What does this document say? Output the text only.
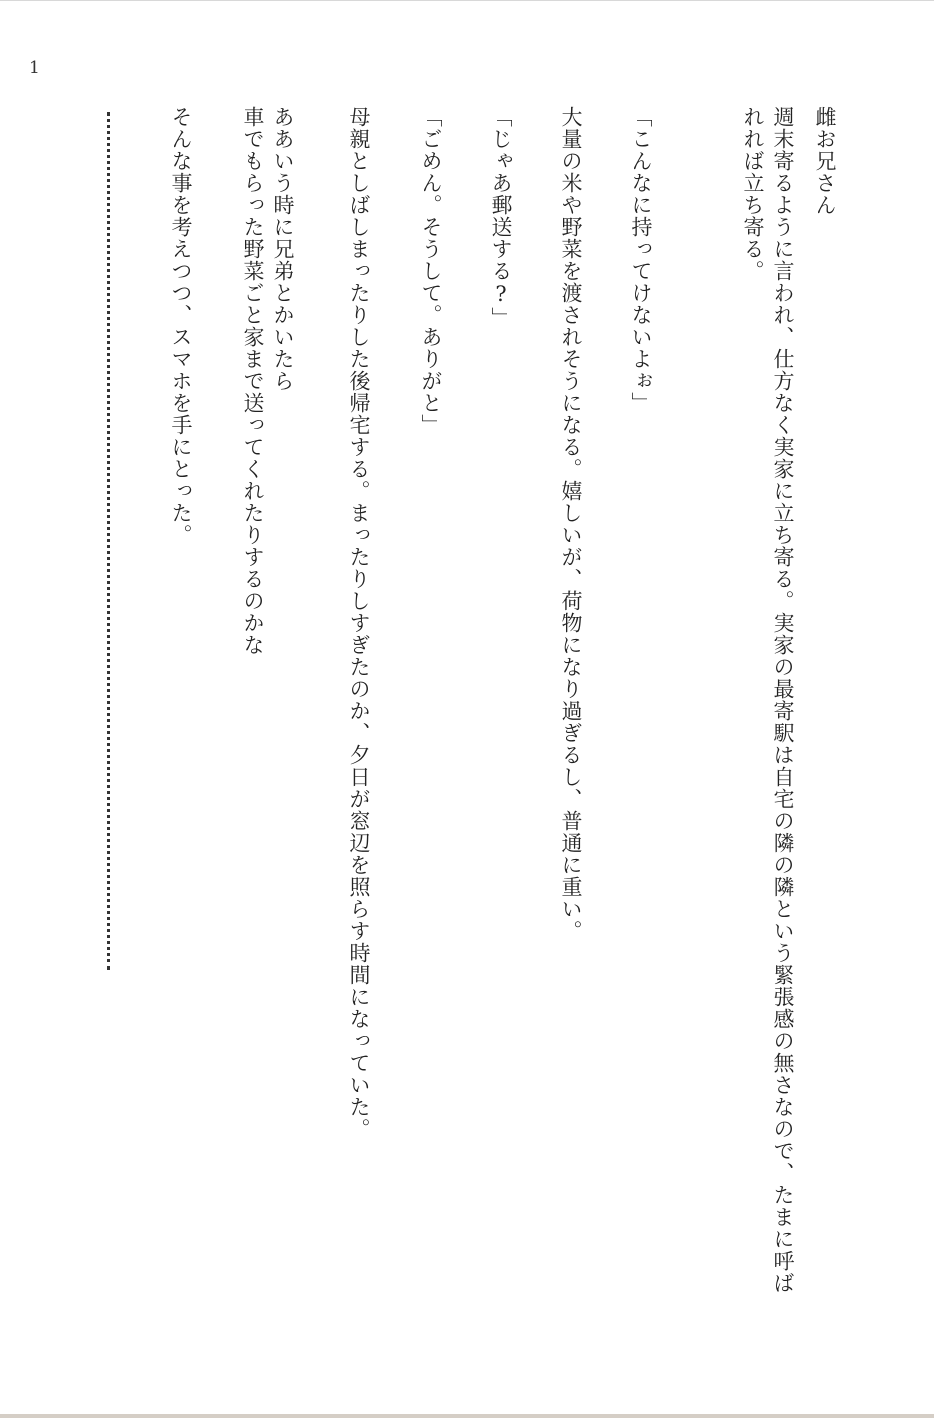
1

雌お兄さん

週末寄るように言われ、仕方なく実家に立ち寄る。実家の最寄駅は自宅の隣の隣という緊張感の無さなので、たまに呼ばれれば立ち寄る。

「こんなに持ってけないよぉ」

大量の米や野菜を渡されそうになる。嬉しいが、荷物になり過ぎるし、普通に重い。

「じゃあ郵送する?」

「ごめん。そうして。ありがと」

母親としばしまったりした後帰宅する。まったりしすぎたのか、夕日が窓辺を照らす時間になっていた。

ああいう時に兄弟とかいたら
車でもらった野菜ごと家まで送ってくれたりするのかな

そんな事を考えつつ、スマホを手にとった。
